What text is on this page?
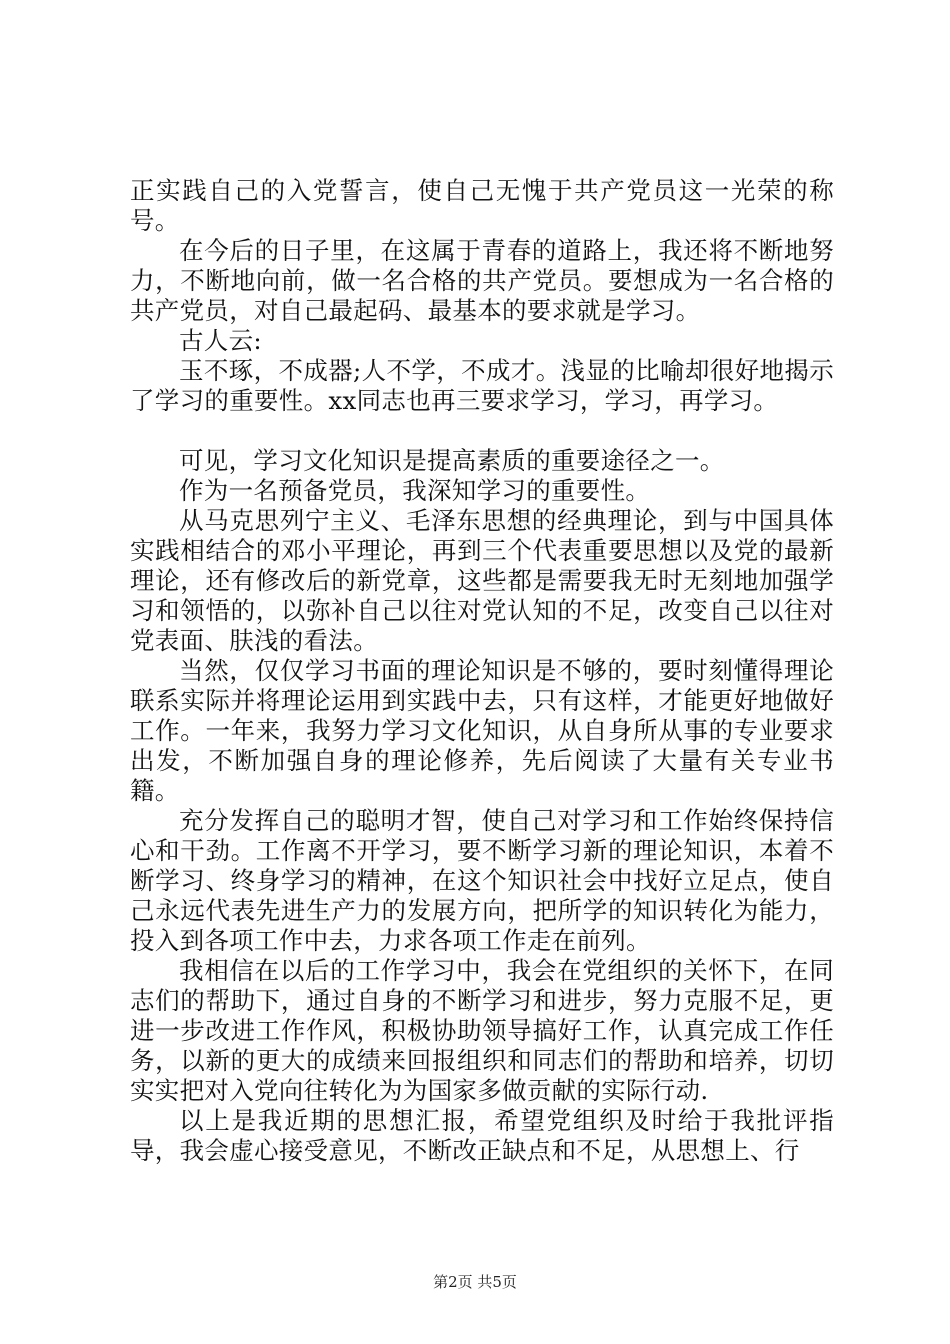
正实践自己的入党誓言，使自己无愧于共产党员这一光荣的称号。

在今后的日子里，在这属于青春的道路上，我还将不断地努力，不断地向前，做一名合格的共产党员。要想成为一名合格的共产党员，对自己最起码、最基本的要求就是学习。

古人云:

玉不琢，不成器;人不学，不成才。浅显的比喻却很好地揭示了学习的重要性。xx同志也再三要求学习，学习，再学习。

可见，学习文化知识是提高素质的重要途径之一。

作为一名预备党员，我深知学习的重要性。

从马克思列宁主义、毛泽东思想的经典理论，到与中国具体实践相结合的邓小平理论，再到三个代表重要思想以及党的最新理论，还有修改后的新党章，这些都是需要我无时无刻地加强学习和领悟的，以弥补自己以往对党认知的不足，改变自己以往对党表面、肤浅的看法。

当然，仅仅学习书面的理论知识是不够的，要时刻懂得理论联系实际并将理论运用到实践中去，只有这样，才能更好地做好工作。一年来，我努力学习文化知识，从自身所从事的专业要求出发，不断加强自身的理论修养，先后阅读了大量有关专业书籍。

充分发挥自己的聪明才智，使自己对学习和工作始终保持信心和干劲。工作离不开学习，要不断学习新的理论知识，本着不断学习、终身学习的精神，在这个知识社会中找好立足点，使自己永远代表先进生产力的发展方向，把所学的知识转化为能力，投入到各项工作中去，力求各项工作走在前列。

我相信在以后的工作学习中，我会在党组织的关怀下，在同志们的帮助下，通过自身的不断学习和进步，努力克服不足，更进一步改进工作作风，积极协助领导搞好工作，认真完成工作任务，以新的更大的成绩来回报组织和同志们的帮助和培养，切切实实把对入党向往转化为为国家多做贡献的实际行动.

以上是我近期的思想汇报，希望党组织及时给于我批评指导，我会虚心接受意见，不断改正缺点和不足，从思想上、行

第2页 共5页
